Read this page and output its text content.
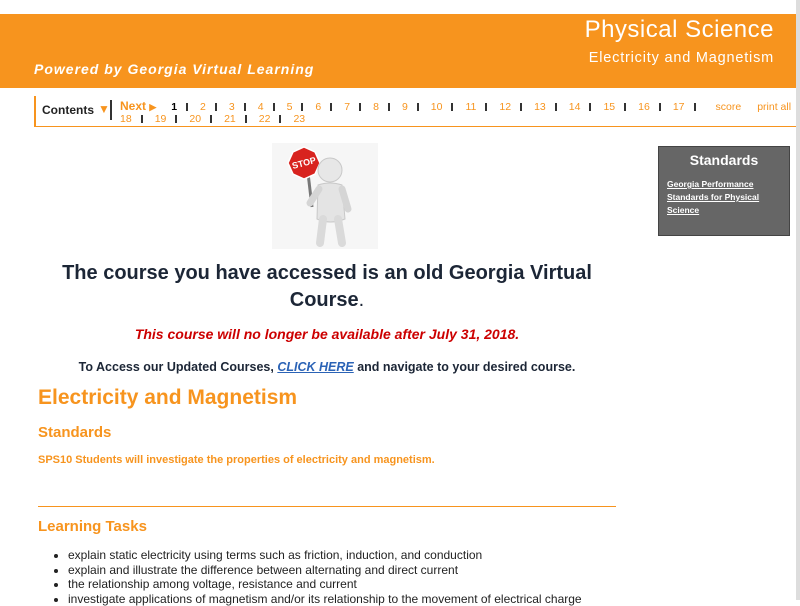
Physical Science
Electricity and Magnetism
Powered by Georgia Virtual Learning
Contents ▼ Next ▶ 1 2 3 4 5 6 7 8 9 10 11 12 13 14 15 16 17	score print all
18 19 20 21 22 23
STOP
The course you have accessed is an old Georgia Virtual Course.
This course will no longer be available after July 31, 2018.
To Access our Updated Courses, CLICK HERE and navigate to your desired course.
Electricity and Magnetism
Standards
SPS10 Students will investigate the properties of electricity and magnetism.
Learning Tasks
• explain static electricity using terms such as friction, induction, and conduction
• explain and illustrate the difference between alternating and direct current
• the relationship among voltage, resistance and current
• investigate applications of magnetism and/or its relationship to the movement of electrical charge
Standards
Georgia Performance Standards for Physical Science
